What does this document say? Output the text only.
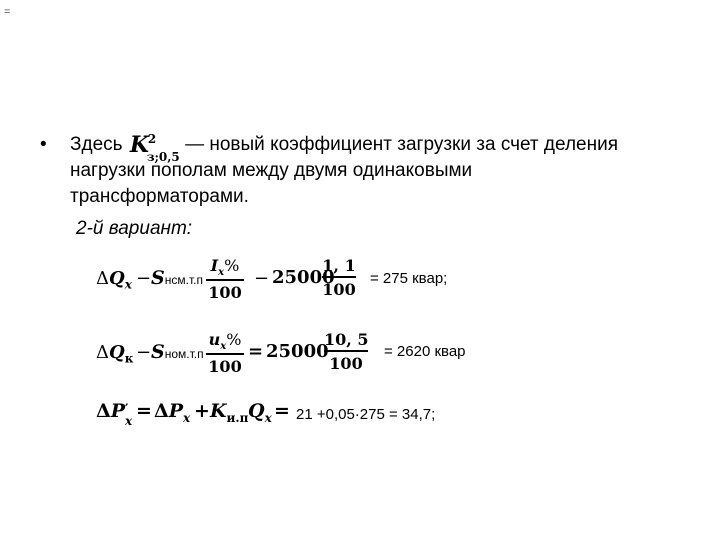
=
• Здесь K
2
з;0,5
— новый коэффициент загрузки за счет деления
нагрузки пополам между двумя одинаковыми
трансформаторами.
2-й вариант:
$\Delta Q_x$ − Sнсм.т.п
$I_x\%$
100
− 25000
1, 1
100
= 275 квар;
$\Delta Q_к$ − Sном.т.п
$u_x\%$
100
= 25000
10, 5
100
= 2620 квар
ΔP ′
$x = \Delta P_x + K_{и.п}$ $Q_x = 21 +0,05\cdot 275 = 34,7$;
